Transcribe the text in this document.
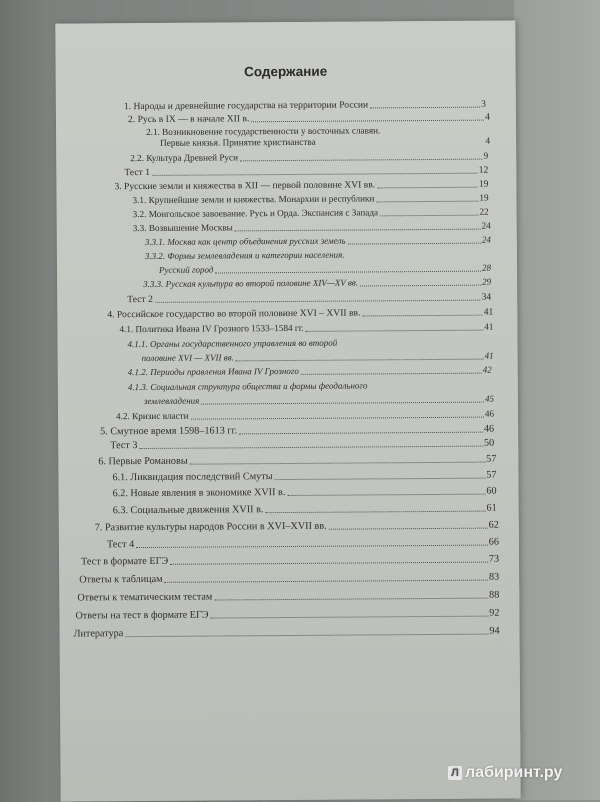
Содержание
1. Народы и древнейшие государства на территории России	3
2. Русь в IX — в начале XII в.	4
2.1. Возникновение государственности у восточных славян.
Первые князья. Принятие христианства	4
2.2. Культура Древней Руси	9
Тест 1	12
3. Русские земли и княжества в XII — первой половине XVI вв.	19
3.1. Крупнейшие земли и княжества. Монархии и республики	19
3.2. Монгольское завоевание. Русь и Орда. Экспансия с Запада	22
3.3. Возвышение Москвы	24
3.3.1. Москва как центр объединения русских земель	24
3.3.2. Формы землевладения и категории населения.
Русский город	28
3.3.3. Русская культура во второй половине XIV—XV вв.	29
Тест 2	34
4. Российское государство во второй половине XVI – XVII вв.	41
4.1. Политика Ивана IV Грозного 1533–1584 гг.	41
4.1.1. Органы государственного управления во второй
половине XVI — XVII вв.	41
4.1.2. Периоды правления Ивана IV Грозного	42
4.1.3. Социальная структура общества и формы феодального
землевладения	45
4.2. Кризис власти	46
5. Смутное время 1598–1613 гг.	46
Тест 3	50
6. Первые Романовы	57
6.1. Ликвидация последствий Смуты	57
6.2. Новые явления в экономике XVII в.	60
6.3. Социальные движения XVII в.	61
7. Развитие культуры народов России в XVI–XVII вв.	62
Тест 4	66
Тест в формате ЕГЭ	73
Ответы к таблицам	83
Ответы к тематическим тестам	88
Ответы на тест в формате ЕГЭ	92
Литература	94
Л лабиринт.ру
